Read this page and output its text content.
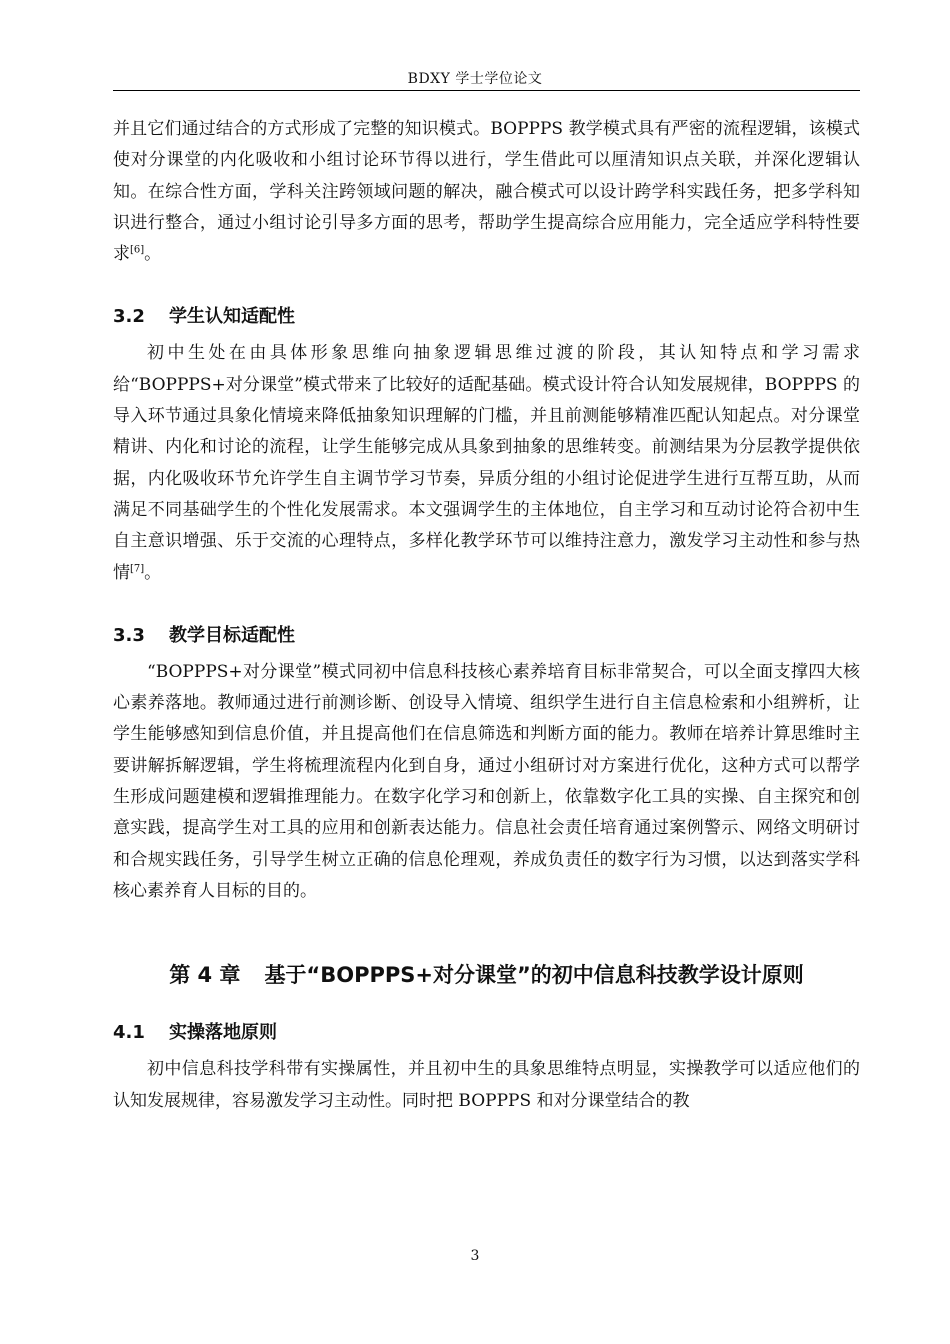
BDXY 学士学位论文

并且它们通过结合的方式形成了完整的知识模式。BOPPPS 教学模式具有严密的流程逻辑，该模式使对分课堂的内化吸收和小组讨论环节得以进行，学生借此可以厘清知识点关联，并深化逻辑认知。在综合性方面，学科关注跨领域问题的解决，融合模式可以设计跨学科实践任务，把多学科知识进行整合，通过小组讨论引导多方面的思考，帮助学生提高综合应用能力，完全适应学科特性要求[6]。

3.2 学生认知适配性

初中生处在由具体形象思维向抽象逻辑思维过渡的阶段，其认知特点和学习需求给“BOPPPS+对分课堂”模式带来了比较好的适配基础。模式设计符合认知发展规律，BOPPPS 的导入环节通过具象化情境来降低抽象知识理解的门槛，并且前测能够精准匹配认知起点。对分课堂精讲、内化和讨论的流程，让学生能够完成从具象到抽象的思维转变。前测结果为分层教学提供依据，内化吸收环节允许学生自主调节学习节奏，异质分组的小组讨论促进学生进行互帮互助，从而满足不同基础学生的个性化发展需求。本文强调学生的主体地位，自主学习和互动讨论符合初中生自主意识增强、乐于交流的心理特点，多样化教学环节可以维持注意力，激发学习主动性和参与热情[7]。

3.3 教学目标适配性

“BOPPPS+对分课堂”模式同初中信息科技核心素养培育目标非常契合，可以全面支撑四大核心素养落地。教师通过进行前测诊断、创设导入情境、组织学生进行自主信息检索和小组辨析，让学生能够感知到信息价值，并且提高他们在信息筛选和判断方面的能力。教师在培养计算思维时主要讲解拆解逻辑，学生将梳理流程内化到自身，通过小组研讨对方案进行优化，这种方式可以帮学生形成问题建模和逻辑推理能力。在数字化学习和创新上，依靠数字化工具的实操、自主探究和创意实践，提高学生对工具的应用和创新表达能力。信息社会责任培育通过案例警示、网络文明研讨和合规实践任务，引导学生树立正确的信息伦理观，养成负责任的数字行为习惯，以达到落实学科核心素养育人目标的目的。

第 4 章 基于“BOPPPS+对分课堂”的初中信息科技教学设计原则
4.1 实操落地原则

初中信息科技学科带有实操属性，并且初中生的具象思维特点明显，实操教学可以适应他们的认知发展规律，容易激发学习主动性。同时把 BOPPPS 和对分课堂结合的教

3
